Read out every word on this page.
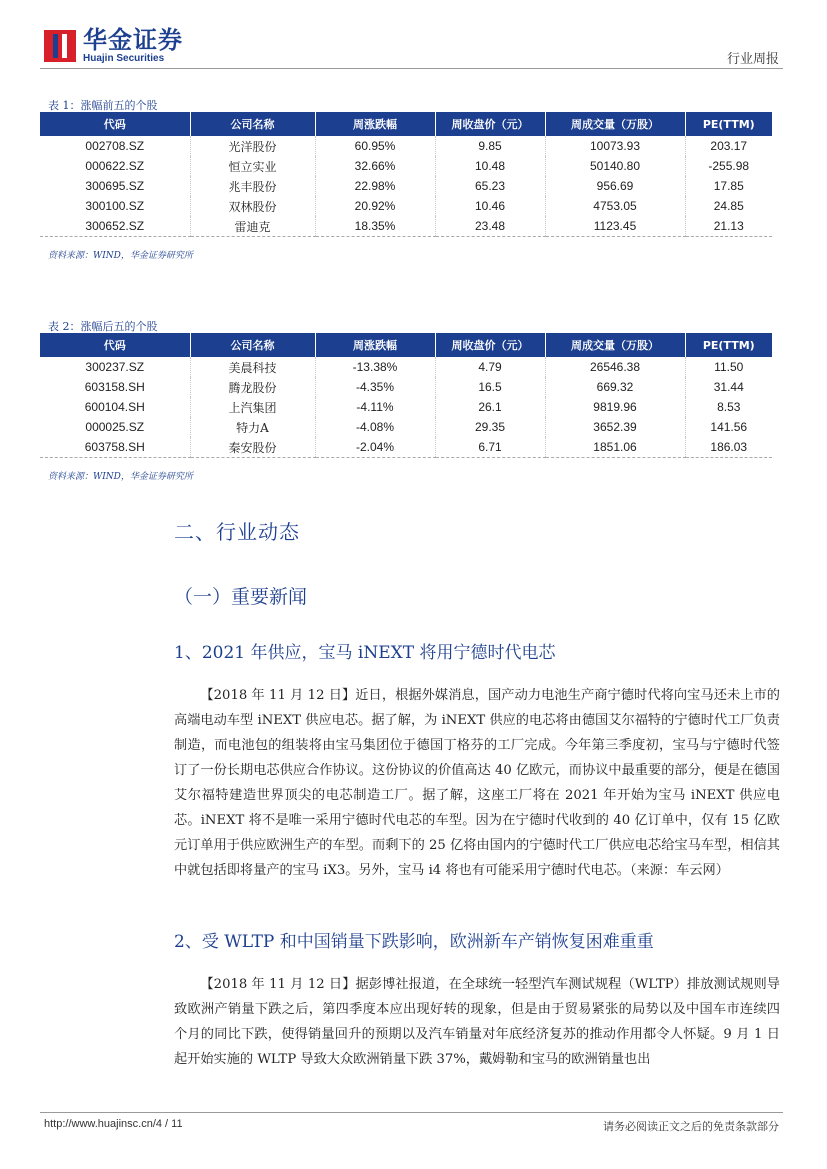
华金证券
Huajin Securities	行业周报
表 1：涨幅前五的个股
代码	公司名称	周涨跌幅	周收盘价（元）	周成交量（万股）	PE(TTM)
002708.SZ	光洋股份	60.95%	9.85	10073.93	203.17
000622.SZ	恒立实业	32.66%	10.48	50140.80	-255.98
300695.SZ	兆丰股份	22.98%	65.23	956.69	17.85
300100.SZ	双林股份	20.92%	10.46	4753.05	24.85
300652.SZ	雷迪克	18.35%	23.48	1123.45	21.13
资料来源：WIND，华金证券研究所
表 2：涨幅后五的个股
代码	公司名称	周涨跌幅	周收盘价（元）	周成交量（万股）	PE(TTM)
300237.SZ	美晨科技	-13.38%	4.79	26546.38	11.50
603158.SH	腾龙股份	-4.35%	16.5	669.32	31.44
600104.SH	上汽集团	-4.11%	26.1	9819.96	8.53
000025.SZ	特力A	-4.08%	29.35	3652.39	141.56
603758.SH	秦安股份	-2.04%	6.71	1851.06	186.03
资料来源：WIND，华金证券研究所
二、行业动态
（一）重要新闻
1、2021 年供应，宝马 iNEXT 将用宁德时代电芯

【2018 年 11 月 12 日】近日，根据外媒消息，国产动力电池生产商宁德时代将向宝马还未上市的高端电动车型 iNEXT 供应电芯。据了解，为 iNEXT 供应的电芯将由德国艾尔福特的宁德时代工厂负责制造，而电池包的组装将由宝马集团位于德国丁格芬的工厂完成。今年第三季度初，宝马与宁德时代签订了一份长期电芯供应合作协议。这份协议的价值高达 40 亿欧元，而协议中最重要的部分，便是在德国艾尔福特建造世界顶尖的电芯制造工厂。据了解，这座工厂将在 2021 年开始为宝马 iNEXT 供应电芯。iNEXT 将不是唯一采用宁德时代电芯的车型。因为在宁德时代收到的 40 亿订单中，仅有 15 亿欧元订单用于供应欧洲生产的车型。而剩下的 25 亿将由国内的宁德时代工厂供应电芯给宝马车型，相信其中就包括即将量产的宝马 iX3。另外，宝马 i4 将也有可能采用宁德时代电芯。（来源：车云网）

2、受 WLTP 和中国销量下跌影响，欧洲新车产销恢复困难重重

【2018 年 11 月 12 日】据彭博社报道，在全球统一轻型汽车测试规程（WLTP）排放测试规则导致欧洲产销量下跌之后，第四季度本应出现好转的现象，但是由于贸易紧张的局势以及中国车市连续四个月的同比下跌，使得销量回升的预期以及汽车销量对年底经济复苏的推动作用都令人怀疑。9 月 1 日起开始实施的 WLTP 导致大众欧洲销量下跌 37%，戴姆勒和宝马的欧洲销量也出

http://www.huajinsc.cn/4 / 11	请务必阅读正文之后的免责条款部分
